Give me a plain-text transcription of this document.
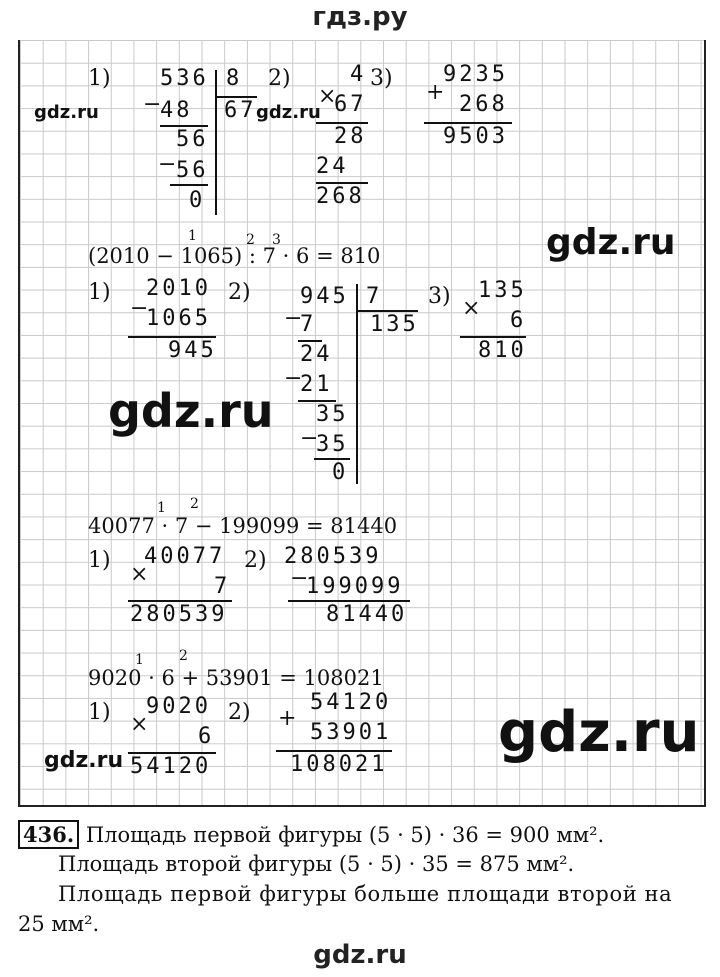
гдз.ру
1) 536 8
67
−
48
56
− 56
0
2)	4
×
67
28
24
268
3) 9235
+ 268
9503
gdz.ru	gdz.ru
gdz.ru
1	2 3
(2010 − 1065) : 7 · 6 = 810
1) 2010
−
1065
945
2) 945 7
135
−
7
24
−
21
35
−
35
0
3) ×
135
6
810
gdz.ru
1 2
40077 · 7 − 199099 = 81440
1)
×
40077
7
280539
2) 280539
−
199099
81440
1	2
9020 · 6 + 53901 = 108021
1) ×
9020
6
54120
2)	54120
+
53901
108021
gdz.ru	gdz.ru
436. Площадь первой фигуры (5 · 5) · 36 = 900 мм².
Площадь второй фигуры (5 · 5) · 35 = 875 мм².
Площадь первой фигуры больше площади второй на
25 мм².
gdz.ru
